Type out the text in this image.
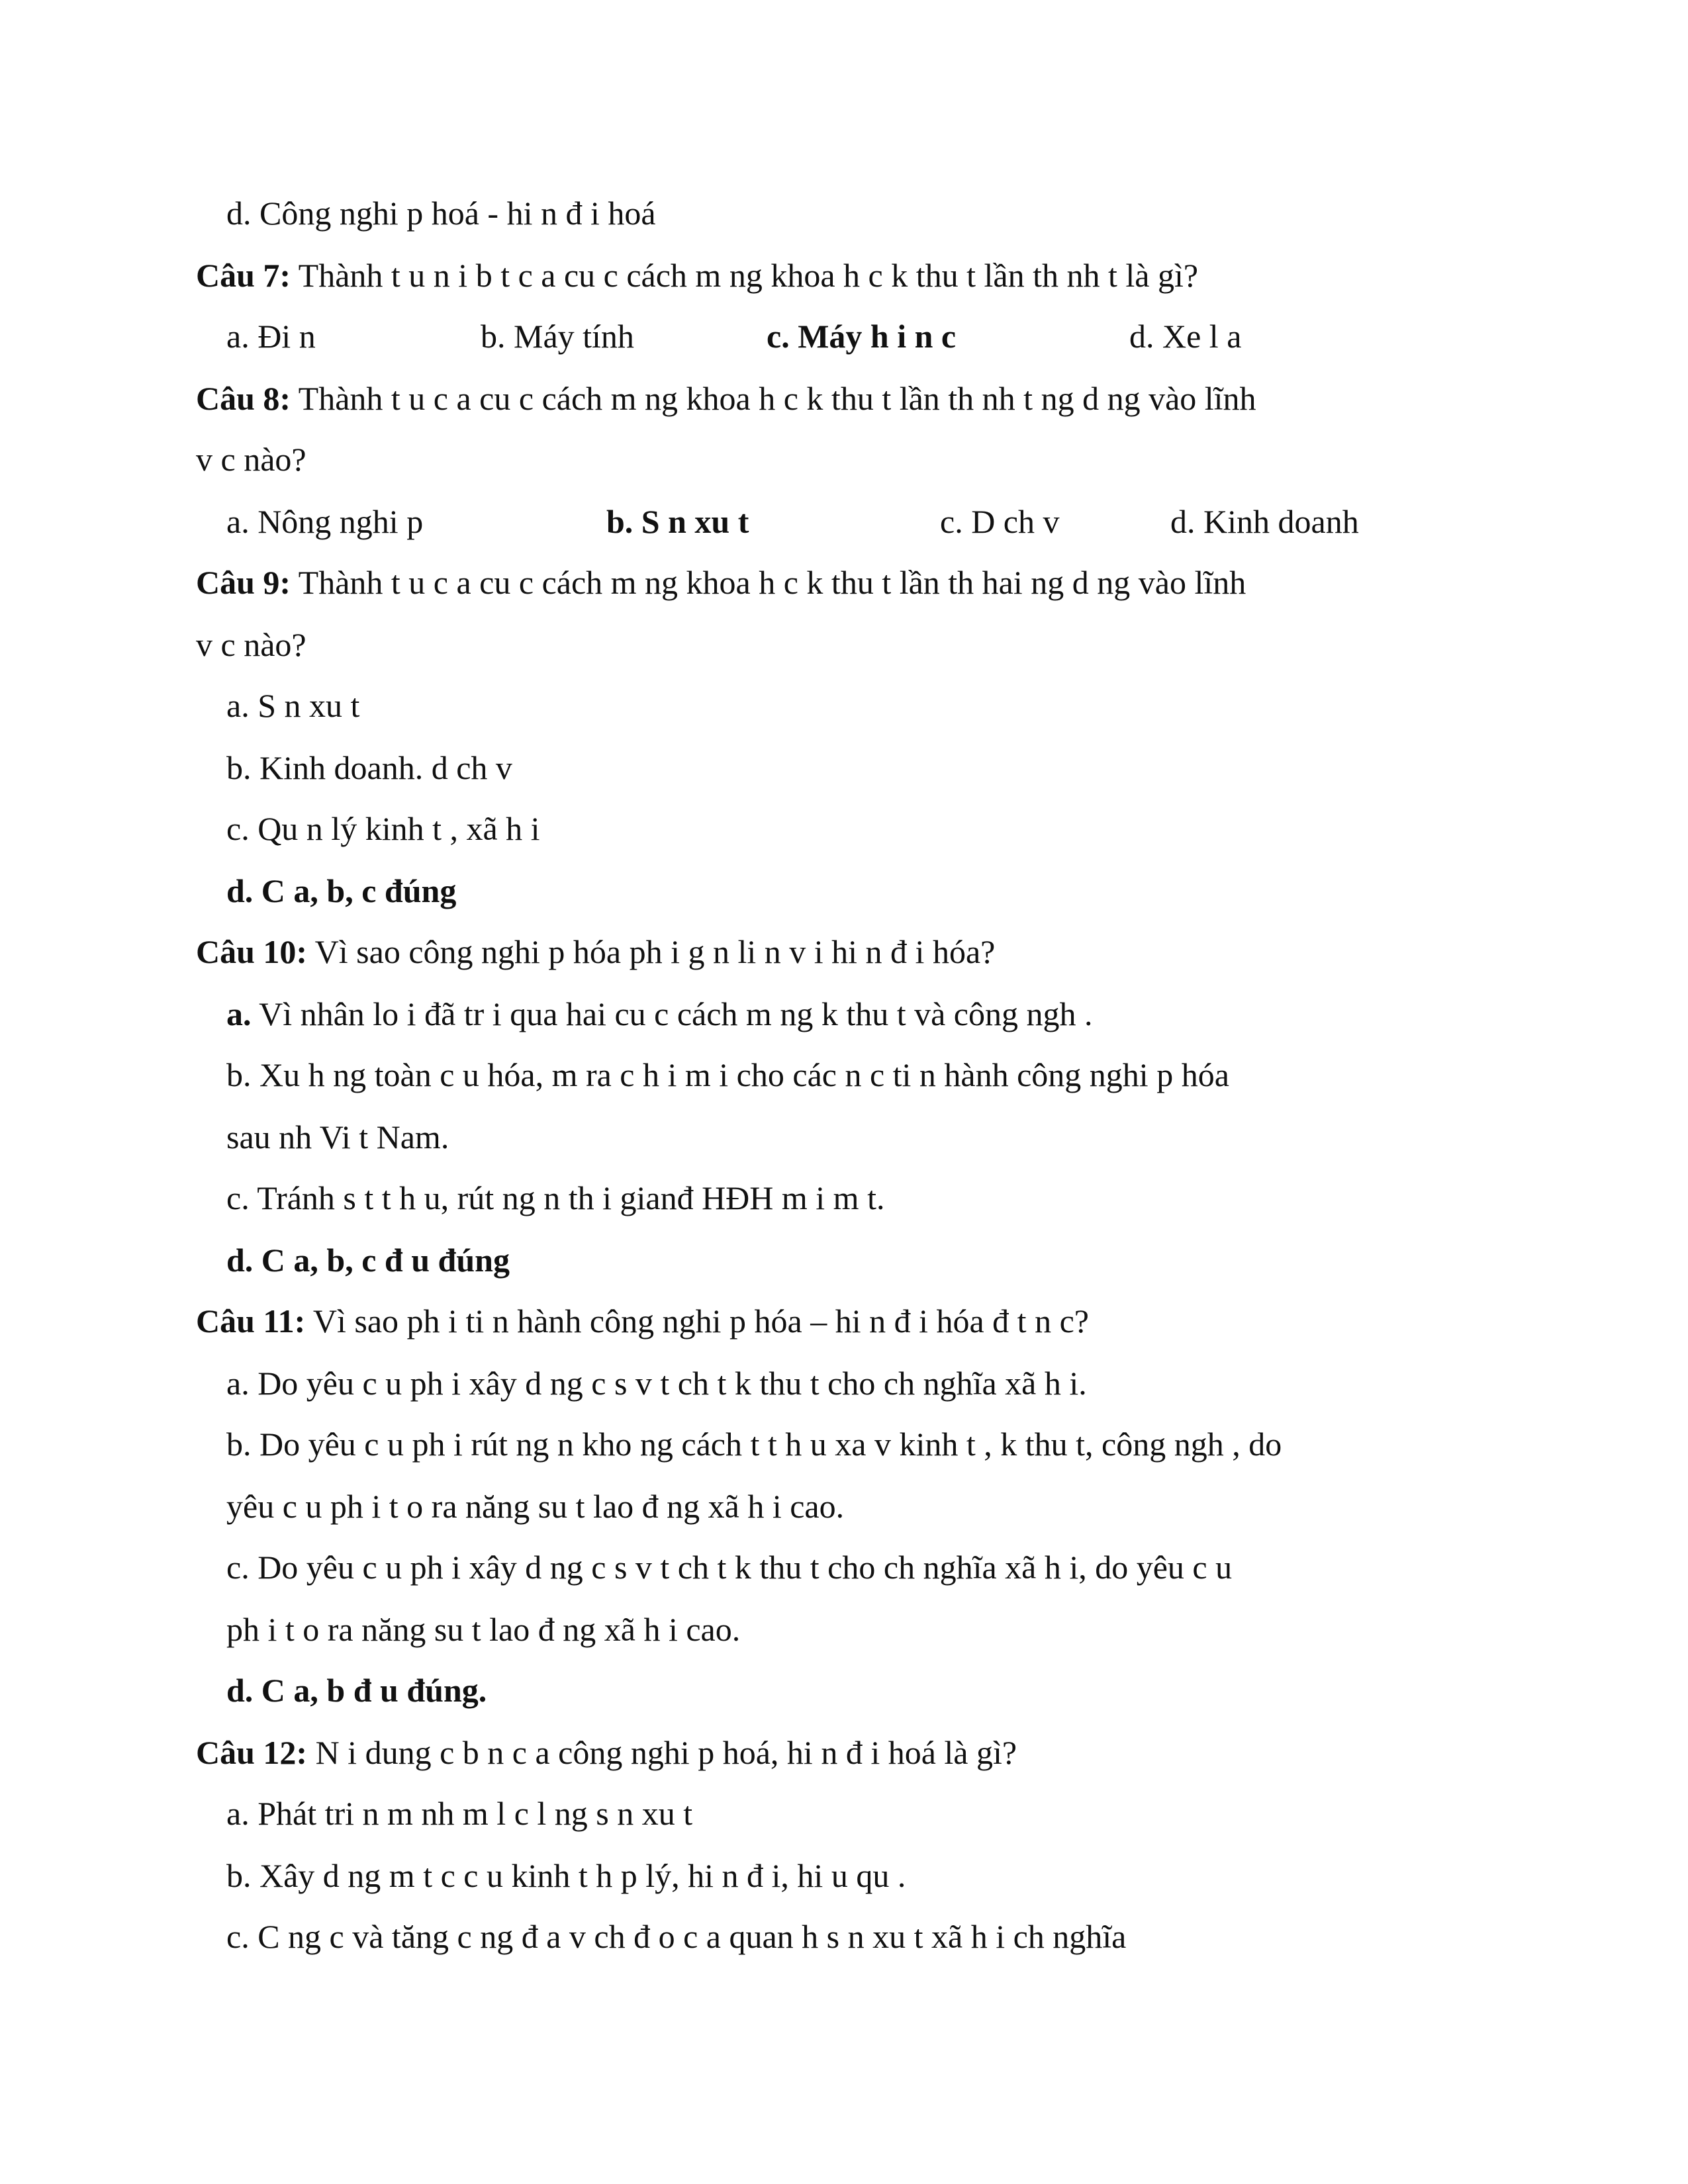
d. Công nghi p hoá - hi n đ i hoá
Câu 7: Thành t u n i b t c a cu c cách m ng khoa h c k thu t lần th nh t là gì?
a. Đi n	b. Máy tính	c. Máy h i n c	d. Xe l a
Câu 8: Thành t u c a cu c cách m ng khoa h c k thu t lần th nh t ng d ng vào lĩnh
v c nào?
a. Nông nghi p	b. S n xu t	c. D ch v	d. Kinh doanh
Câu 9: Thành t u c a cu c cách m ng khoa h c k thu t lần th hai ng d ng vào lĩnh
v c nào?
a. S n xu t
b. Kinh doanh. d ch v
c. Qu n lý kinh t , xã h i
d. C a, b, c đúng
Câu 10: Vì sao công nghi p hóa ph i g n li n v i hi n đ i hóa?
a. Vì nhân lo i đã tr i qua hai cu c cách m ng k thu t và công ngh .
b. Xu h ng toàn c u hóa, m ra c h i m i cho các n c ti n hành công nghi p hóa
sau nh Vi t Nam.
c. Tránh s t t h u, rút ng n th i gianđ HĐH m i m t.
d. C a, b, c đ u đúng
Câu 11: Vì sao ph i ti n hành công nghi p hóa – hi n đ i hóa đ t n c?
a. Do yêu c u ph i xây d ng c s v t ch t k thu t cho ch nghĩa xã h i.
b. Do yêu c u ph i rút ng n kho ng cách t t h u xa v kinh t , k thu t, công ngh , do
yêu c u ph i t o ra năng su t lao đ ng xã h i cao.
c. Do yêu c u ph i xây d ng c s v t ch t k thu t cho ch nghĩa xã h i, do yêu c u
ph i t o ra năng su t lao đ ng xã h i cao.
d. C a, b đ u đúng.
Câu 12: N i dung c b n c a công nghi p hoá, hi n đ i hoá là gì?
a. Phát tri n m nh m l c l ng s n xu t
b. Xây d ng m t c c u kinh t h p lý, hi n đ i, hi u qu .
c. C ng c và tăng c ng đ a v ch đ o c a quan h s n xu t xã h i ch nghĩa
